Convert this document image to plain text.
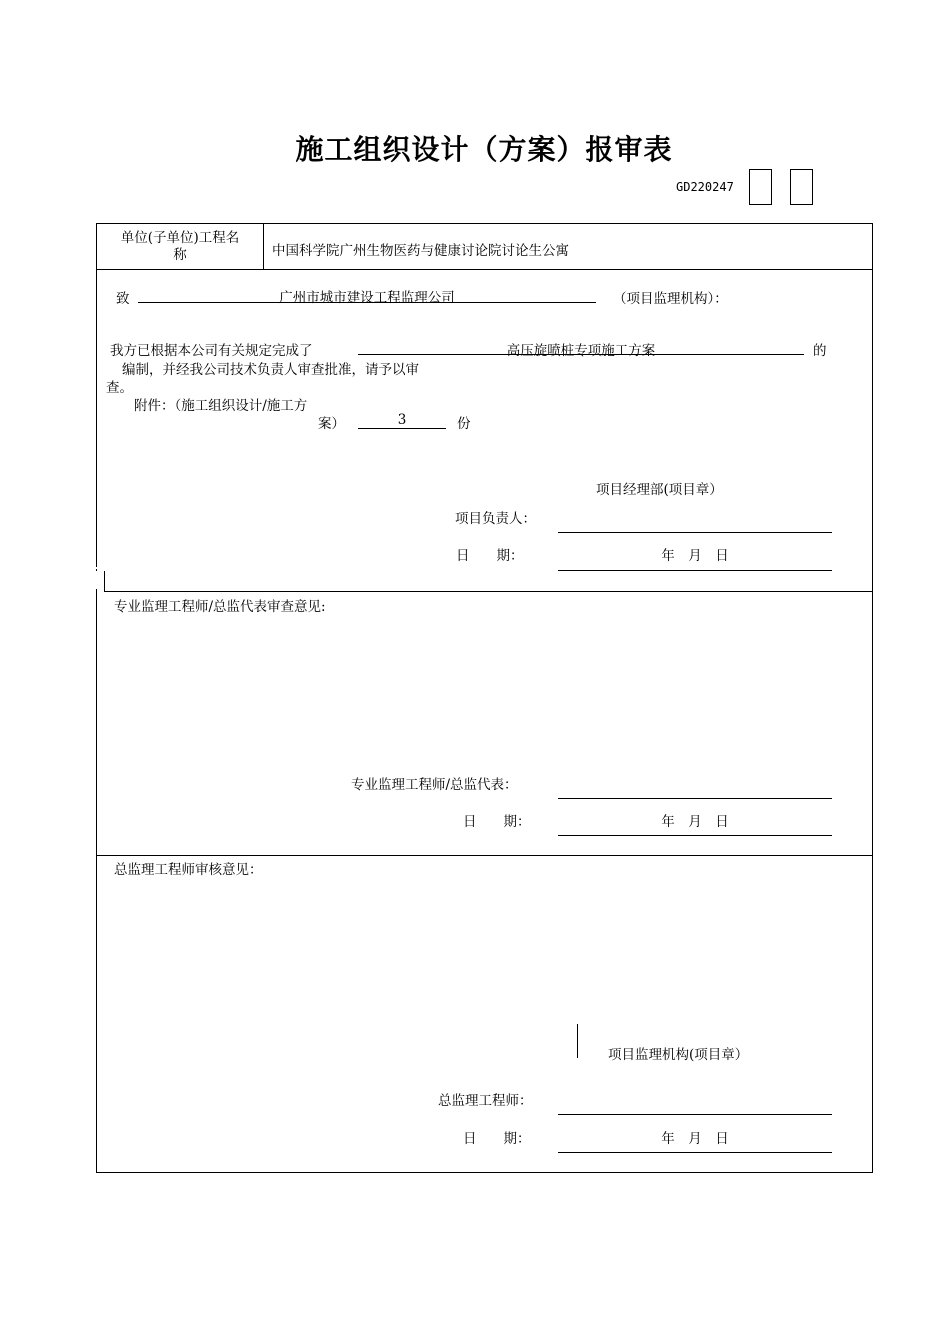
施工组织设计（方案）报审表
GD220247
单位(子单位)工程名
称	中国科学院广州生物医药与健康讨论院讨论生公寓
致	广州市城市建设工程监理公司	（项目监理机构）：
我方已根据本公司有关规定完成了	高压旋喷桩专项施工方案	的
编制，并经我公司技术负责人审查批准，请予以审
查。
附件：（施工组织设计/施工方
案）	3	份
项目经理部(项目章）
项目负责人：
日　　期：	年　月　日
专业监理工程师/总监代表审查意见:
专业监理工程师/总监代表：
日　　期：	年　月　日
总监理工程师审核意见：
项目监理机构(项目章）
总监理工程师：
日　　期：	年　月　日
